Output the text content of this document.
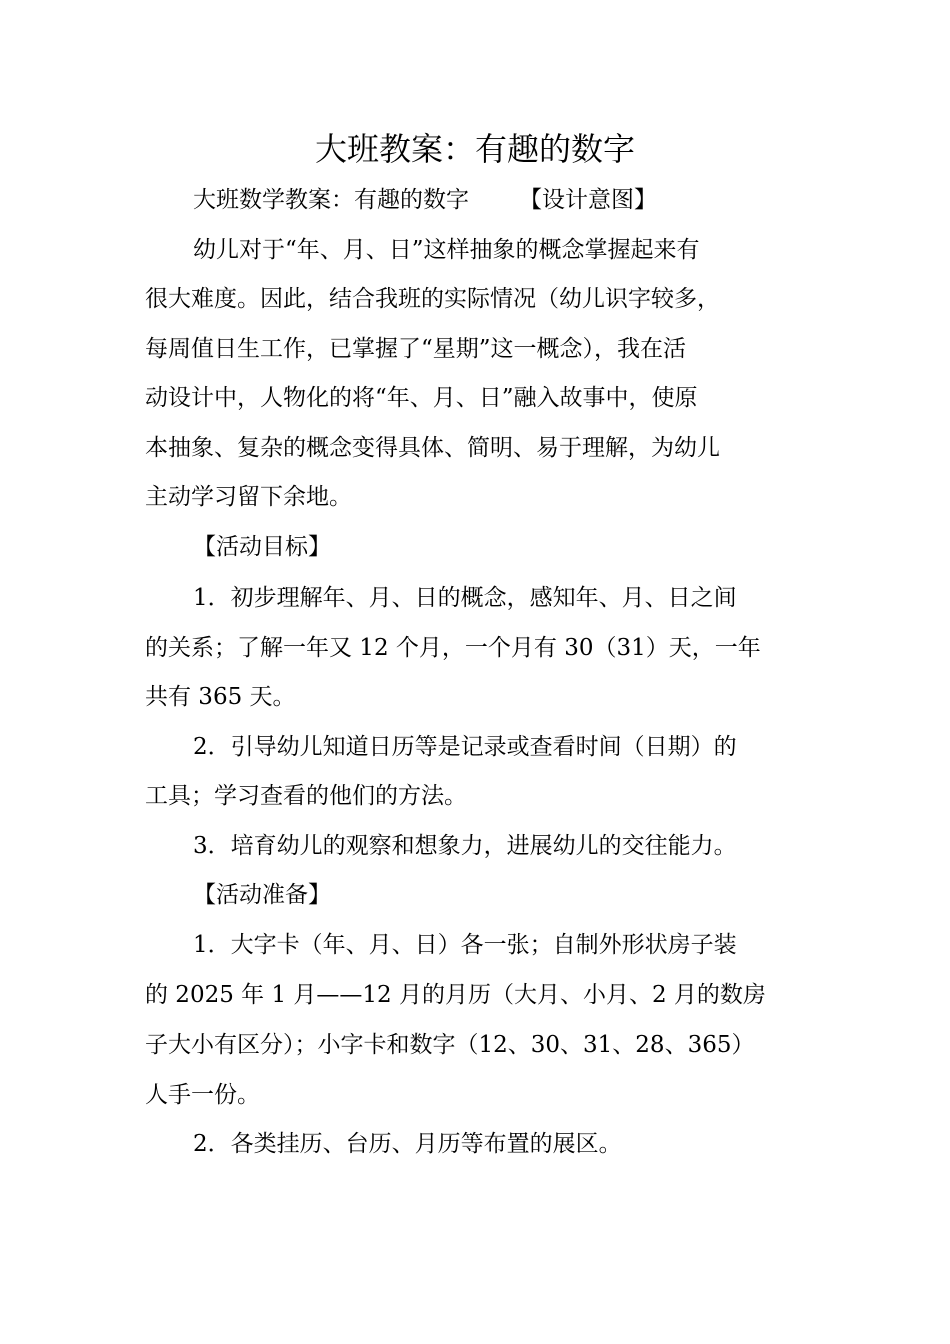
大班教案：有趣的数字

大班数学教案：有趣的数字 【设计意图】

幼儿对于“年、月、日”这样抽象的概念掌握起来有

很大难度。因此，结合我班的实际情况（幼儿识字较多，

每周值日生工作，已掌握了“星期”这一概念），我在活

动设计中，人物化的将“年、月、日”融入故事中，使原

本抽象、复杂的概念变得具体、简明、易于理解，为幼儿

主动学习留下余地。

【活动目标】

1．初步理解年、月、日的概念，感知年、月、日之间

的关系；了解一年又 12 个月，一个月有 30（31）天，一年

共有 365 天。

2．引导幼儿知道日历等是记录或查看时间（日期）的

工具；学习查看的他们的方法。

3．培育幼儿的观察和想象力，进展幼儿的交往能力。

【活动准备】

1．大字卡（年、月、日）各一张；自制外形状房子装

的 2025 年 1 月——12 月的月历（大月、小月、2 月的数房

子大小有区分）；小字卡和数字（12、30、31、28、365）

人手一份。

2．各类挂历、台历、月历等布置的展区。
